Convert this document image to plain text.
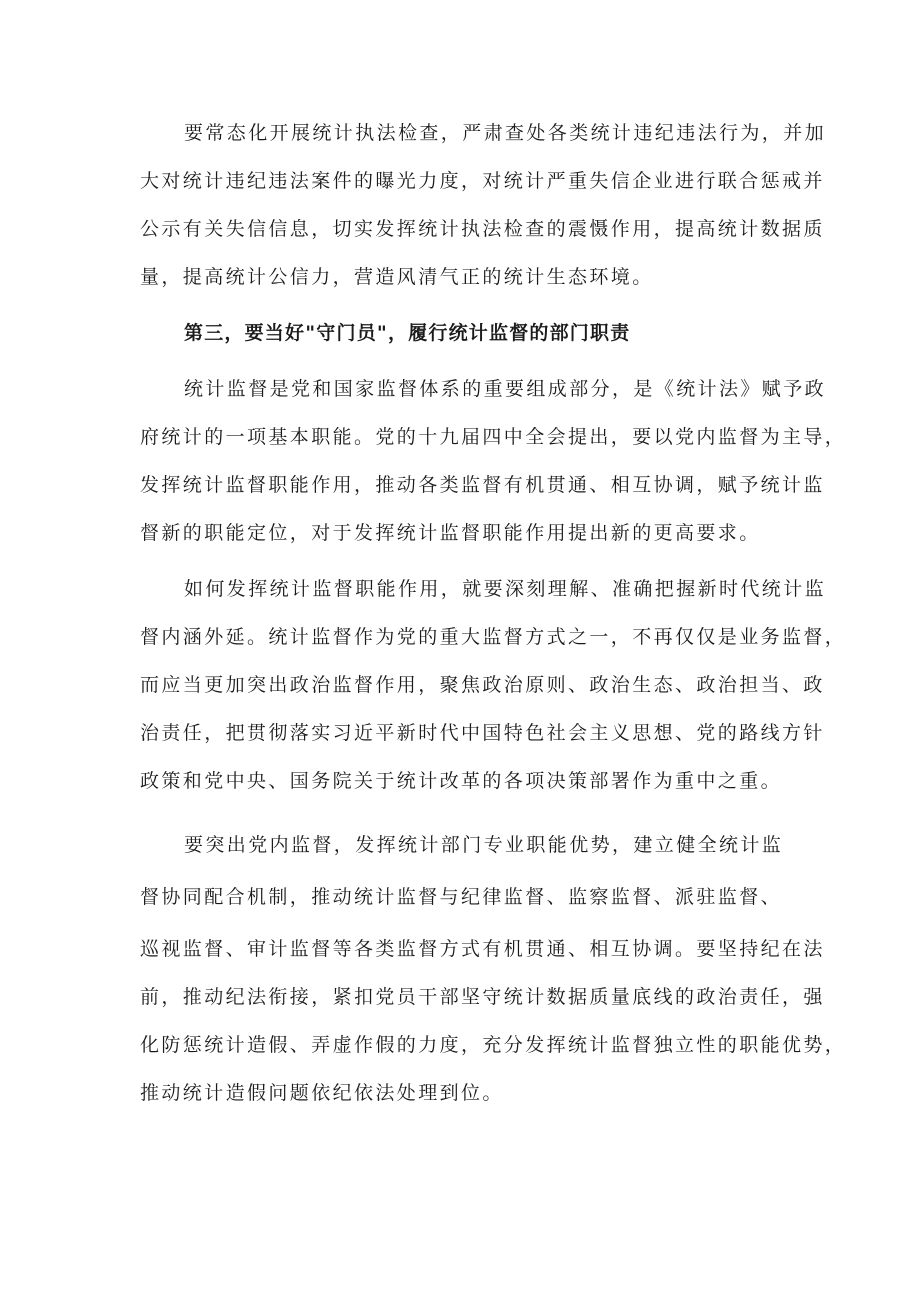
要常态化开展统计执法检查，严肃查处各类统计违纪违法行为，并加
大对统计违纪违法案件的曝光力度，对统计严重失信企业进行联合惩戒并
公示有关失信信息，切实发挥统计执法检查的震慑作用，提高统计数据质
量，提高统计公信力，营造风清气正的统计生态环境。
第三，要当好"守门员"，履行统计监督的部门职责
统计监督是党和国家监督体系的重要组成部分，是《统计法》赋予政
府统计的一项基本职能。党的十九届四中全会提出，要以党内监督为主导，
发挥统计监督职能作用，推动各类监督有机贯通、相互协调，赋予统计监
督新的职能定位，对于发挥统计监督职能作用提出新的更高要求。
如何发挥统计监督职能作用，就要深刻理解、准确把握新时代统计监
督内涵外延。统计监督作为党的重大监督方式之一，不再仅仅是业务监督，
而应当更加突出政治监督作用，聚焦政治原则、政治生态、政治担当、政
治责任，把贯彻落实习近平新时代中国特色社会主义思想、党的路线方针
政策和党中央、国务院关于统计改革的各项决策部署作为重中之重。
要突出党内监督，发挥统计部门专业职能优势，建立健全统计监
督协同配合机制，推动统计监督与纪律监督、监察监督、派驻监督、
巡视监督、审计监督等各类监督方式有机贯通、相互协调。要坚持纪在法
前，推动纪法衔接，紧扣党员干部坚守统计数据质量底线的政治责任，强
化防惩统计造假、弄虚作假的力度，充分发挥统计监督独立性的职能优势，
推动统计造假问题依纪依法处理到位。
